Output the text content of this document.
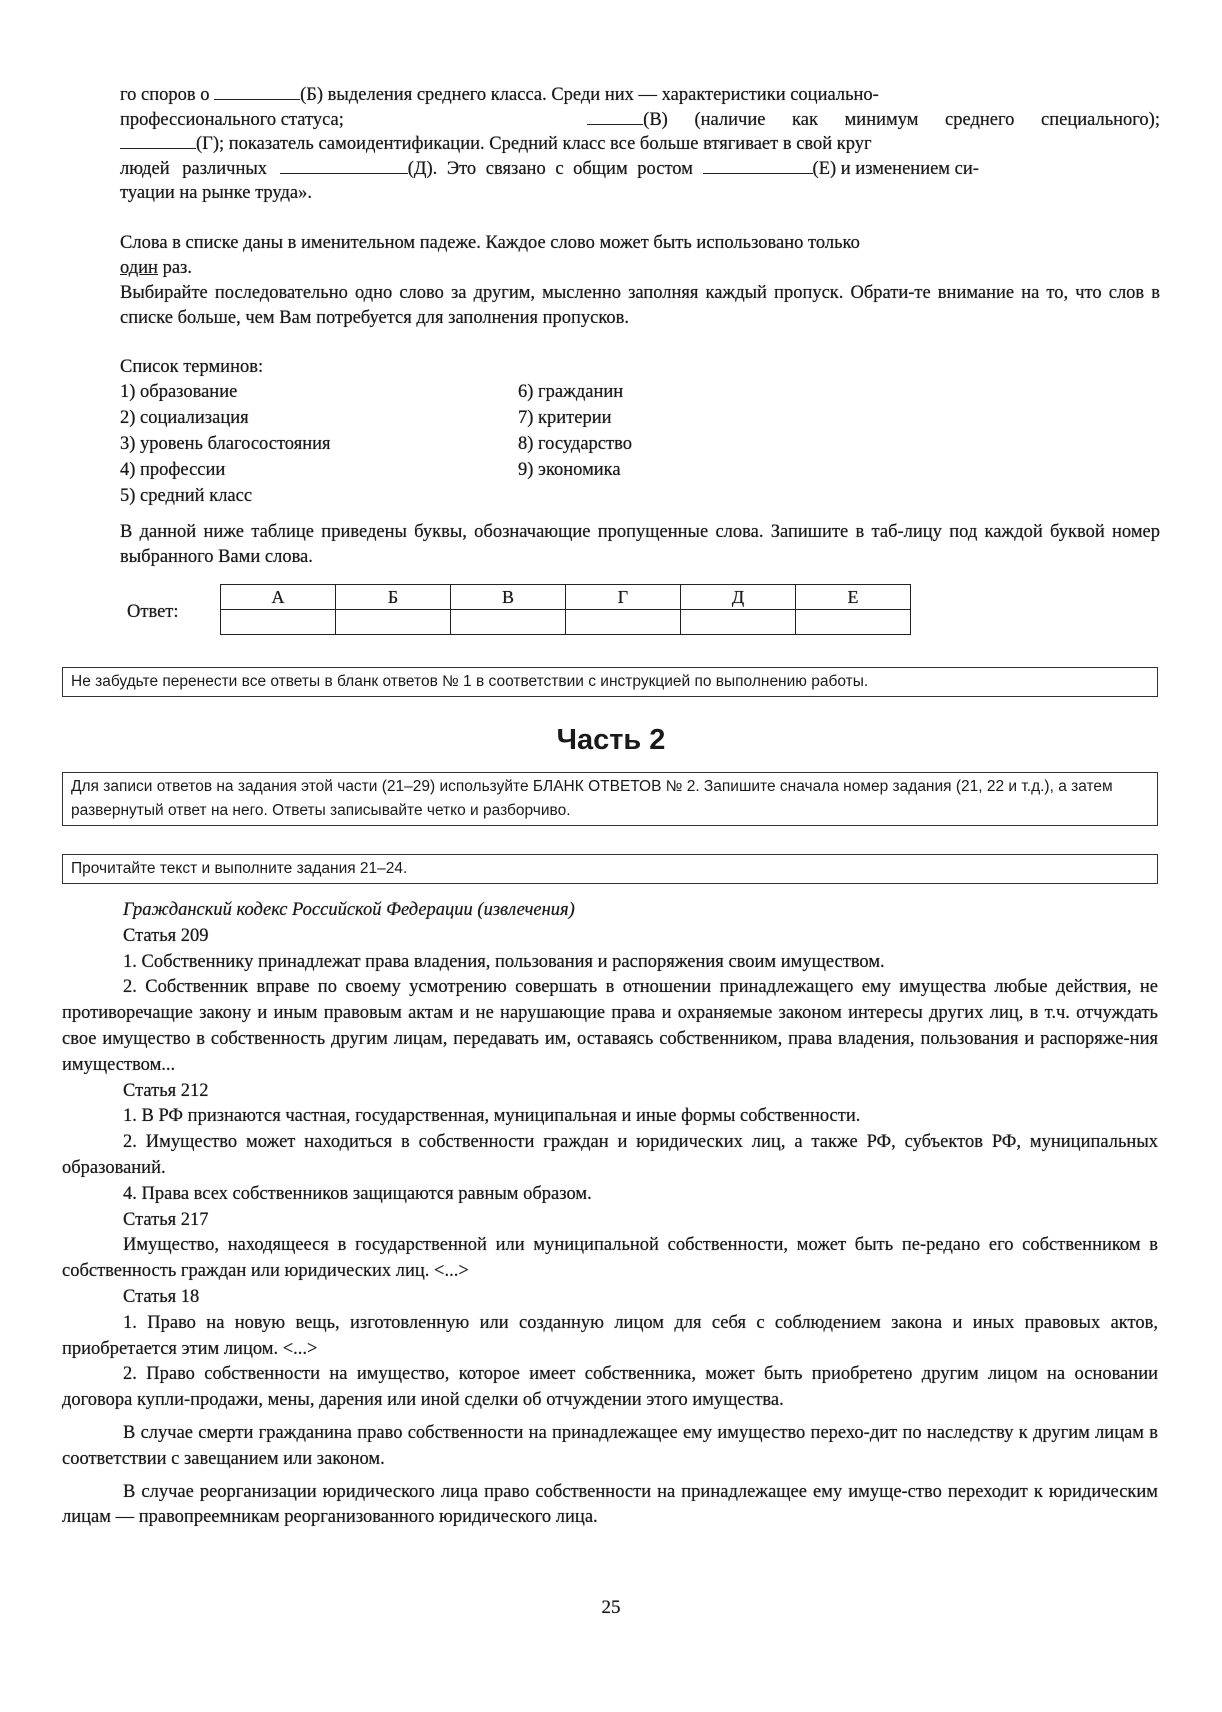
го споров о	(Б) выделения среднего класса. Среди них — характеристики социально-
профессионального статуса;	(В) (наличие как минимум среднего специального);
(Г); показатель самоидентификации. Средний класс все больше втягивает в свой круг
людей различных	(Д). Это связано с общим ростом	(Е) и изменением си-
туации на рынке труда».
Слова в списке даны в именительном падеже. Каждое слово может быть использовано только
один раз.
Выбирайте последовательно одно слово за другим, мысленно заполняя каждый пропуск. Обрати-те внимание на то, что слов в списке больше, чем Вам потребуется для заполнения пропусков.
Список терминов:
1) образование
2) социализация
3) уровень благосостояния
4) профессии
5) средний класс
6) гражданин
7) критерии
8) государство
9) экономика
В данной ниже таблице приведены буквы, обозначающие пропущенные слова. Запишите в таб-лицу под каждой буквой номер выбранного Вами слова.
Ответ:
А	Б	В	Г	Д	Е

Не забудьте перенести все ответы в бланк ответов № 1 в соответствии с инструкцией по выполнению работы.
Часть 2
Для записи ответов на задания этой части (21–29) используйте БЛАНК ОТВЕТОВ № 2. Запишите сначала номер задания (21, 22 и т.д.), а затем развернутый ответ на него. Ответы записывайте четко и разборчиво.
Прочитайте текст и выполните задания 21–24.

Гражданский кодекс Российской Федерации (извлечения)

Статья 209

1. Собственнику принадлежат права владения, пользования и распоряжения своим имуществом.

2. Собственник вправе по своему усмотрению совершать в отношении принадлежащего ему имущества любые действия, не противоречащие закону и иным правовым актам и не нарушающие права и охраняемые законом интересы других лиц, в т.ч. отчуждать свое имущество в собственность другим лицам, передавать им, оставаясь собственником, права владения, пользования и распоряже-ния имуществом...

Статья 212

1. В РФ признаются частная, государственная, муниципальная и иные формы собственности.

2. Имущество может находиться в собственности граждан и юридических лиц, а также РФ, субъектов РФ, муниципальных образований.

4. Права всех собственников защищаются равным образом.

Статья 217

Имущество, находящееся в государственной или муниципальной собственности, может быть пе-редано его собственником в собственность граждан или юридических лиц. <...>

Статья 18

1. Право на новую вещь, изготовленную или созданную лицом для себя с соблюдением закона и иных правовых актов, приобретается этим лицом. <...>

2. Право собственности на имущество, которое имеет собственника, может быть приобретено другим лицом на основании договора купли-продажи, мены, дарения или иной сделки об отчуждении этого имущества.

В случае смерти гражданина право собственности на принадлежащее ему имущество перехо-дит по наследству к другим лицам в соответствии с завещанием или законом.

В случае реорганизации юридического лица право собственности на принадлежащее ему имуще-ство переходит к юридическим лицам — правопреемникам реорганизованного юридического лица.

25
